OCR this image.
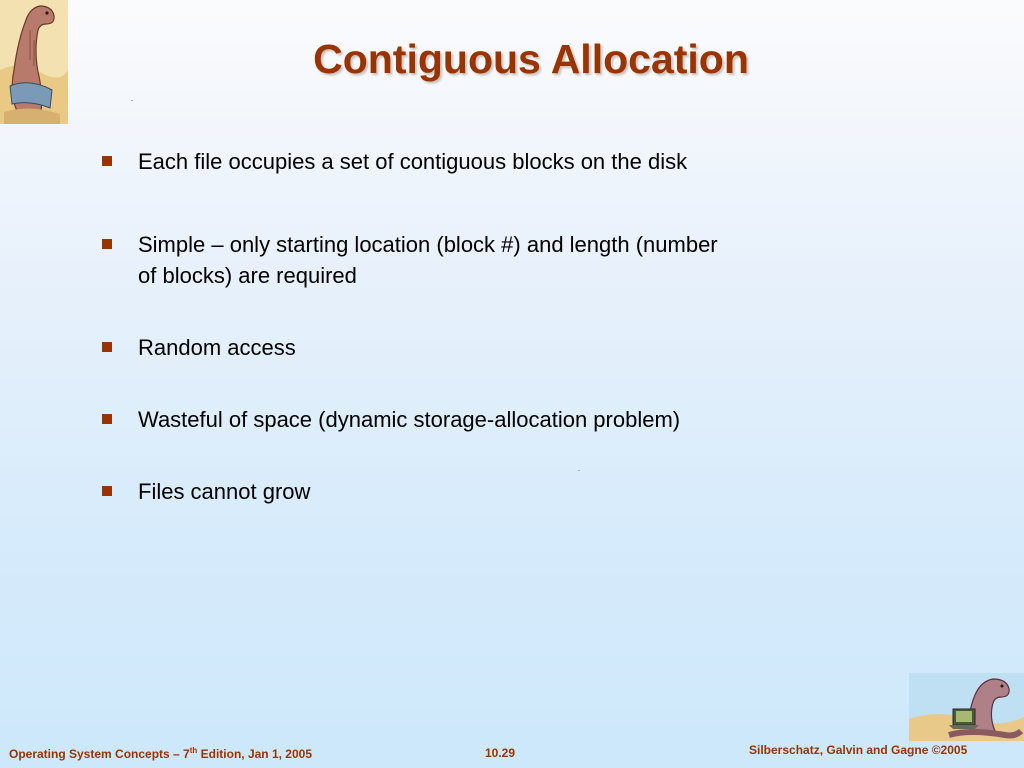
Contiguous Allocation
Each file occupies a set of contiguous blocks on the disk
Simple – only starting location (block #) and length (number
of blocks) are required
Random access
Wasteful of space (dynamic storage-allocation problem)
Files cannot grow
Operating System Concepts – 7th Edition, Jan 1, 2005	10.29	Silberschatz, Galvin and Gagne ©2005
